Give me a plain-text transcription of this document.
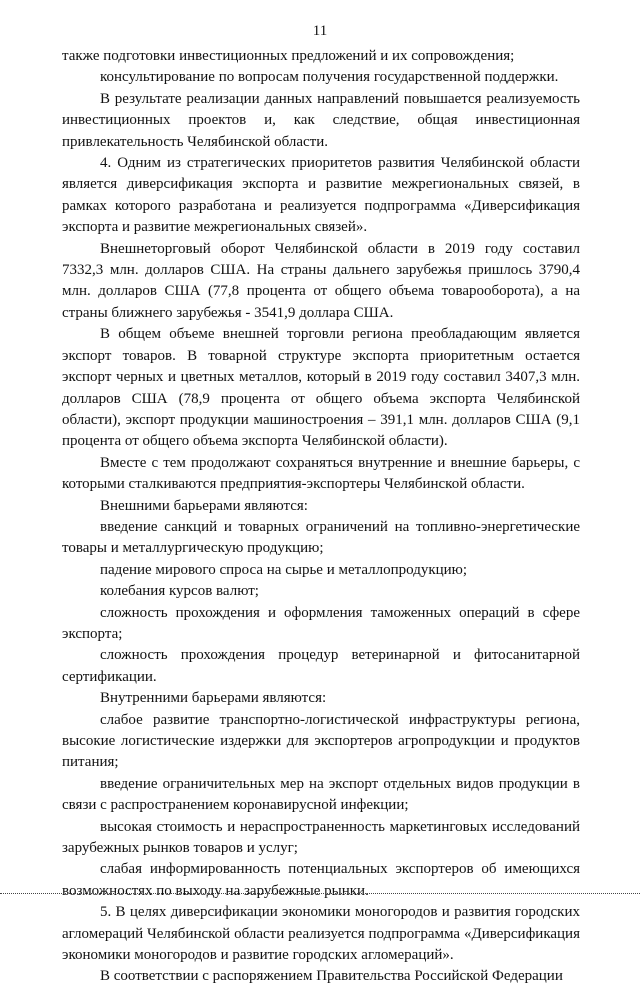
11

также подготовки инвестиционных предложений и их сопровождения;

консультирование по вопросам получения государственной поддержки.

В результате реализации данных направлений повышается реализуемость инвестиционных проектов и, как следствие, общая инвестиционная привлекательность Челябинской области.

4. Одним из стратегических приоритетов развития Челябинской области является диверсификация экспорта и развитие межрегиональных связей, в рамках которого разработана и реализуется подпрограмма «Диверсификация экспорта и развитие межрегиональных связей».

Внешнеторговый оборот Челябинской области в 2019 году составил 7332,3 млн. долларов США. На страны дальнего зарубежья пришлось 3790,4 млн. долларов США (77,8 процента от общего объема товарооборота), а на страны ближнего зарубежья - 3541,9 доллара США.

В общем объеме внешней торговли региона преобладающим является экспорт товаров. В товарной структуре экспорта приоритетным остается экспорт черных и цветных металлов, который в 2019 году составил 3407,3 млн. долларов США (78,9 процента от общего объема экспорта Челябинской области), экспорт продукции машиностроения – 391,1 млн. долларов США (9,1 процента от общего объема экспорта Челябинской области).

Вместе с тем продолжают сохраняться внутренние и внешние барьеры, с которыми сталкиваются предприятия-экспортеры Челябинской области.

Внешними барьерами являются:

введение санкций и товарных ограничений на топливно-энергетические товары и металлургическую продукцию;

падение мирового спроса на сырье и металлопродукцию;

колебания курсов валют;

сложность прохождения и оформления таможенных операций в сфере экспорта;

сложность прохождения процедур ветеринарной и фитосанитарной сертификации.

Внутренними барьерами являются:

слабое развитие транспортно-логистической инфраструктуры региона, высокие логистические издержки для экспортеров агропродукции и продуктов питания;

введение ограничительных мер на экспорт отдельных видов продукции в связи с распространением коронавирусной инфекции;

высокая стоимость и нераспространенность маркетинговых исследований зарубежных рынков товаров и услуг;

слабая информированность потенциальных экспортеров об имеющихся возможностях по выходу на зарубежные рынки.

5. В целях диверсификации экономики моногородов и развития городских агломераций Челябинской области реализуется подпрограмма «Диверсификация экономики моногородов и развитие городских агломераций».

В соответствии с распоряжением Правительства Российской Федерации
